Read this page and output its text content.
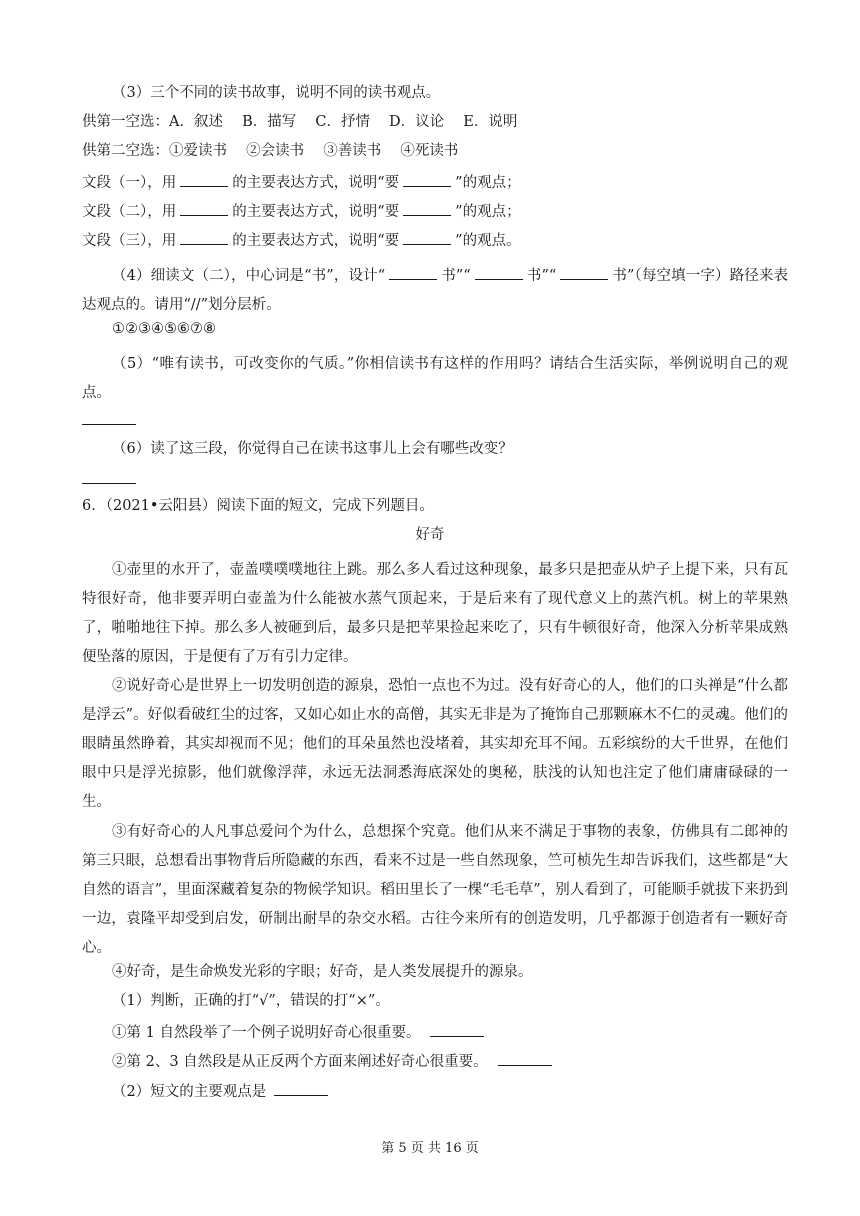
（3）三个不同的读书故事，说明不同的读书观点。
供第一空选：A．叙述　 B．描写　 C．抒情　 D．议论　 E．说明
供第二空选：①爱读书　 ②会读书　 ③善读书　 ④死读书
文段（一），用	的主要表达方式，说明“要	”的观点；
文段（二），用	的主要表达方式，说明“要	”的观点；
文段（三），用	的主要表达方式，说明“要	”的观点。
（4）细读文（二），中心词是“书”，设计“	书”“	书”“	书”（每空填一字）路径来表达观点的。请用“//”划分层析。
①②③④⑤⑥⑦⑧
（5）“唯有读书，可改变你的气质。”你相信读书有这样的作用吗？请结合生活实际，举例说明自己的观点。
（6）读了这三段，你觉得自己在读书这事儿上会有哪些改变？
6．（2021•云阳县）阅读下面的短文，完成下列题目。
好奇
①壶里的水开了，壶盖噗噗噗地往上跳。那么多人看过这种现象，最多只是把壶从炉子上提下来，只有瓦特很好奇，他非要弄明白壶盖为什么能被水蒸气顶起来，于是后来有了现代意义上的蒸汽机。树上的苹果熟了，啪啪地往下掉。那么多人被砸到后，最多只是把苹果捡起来吃了，只有牛顿很好奇，他深入分析苹果成熟便坠落的原因，于是便有了万有引力定律。
②说好奇心是世界上一切发明创造的源泉，恐怕一点也不为过。没有好奇心的人，他们的口头禅是“什么都是浮云”。好似看破红尘的过客，又如心如止水的高僧，其实无非是为了掩饰自己那颗麻木不仁的灵魂。他们的眼睛虽然睁着，其实却视而不见；他们的耳朵虽然也没堵着，其实却充耳不闻。五彩缤纷的大千世界，在他们眼中只是浮光掠影，他们就像浮萍，永远无法洞悉海底深处的奥秘，肤浅的认知也注定了他们庸庸碌碌的一生。
③有好奇心的人凡事总爱问个为什么，总想探个究竟。他们从来不满足于事物的表象，仿佛具有二郎神的第三只眼，总想看出事物背后所隐藏的东西，看来不过是一些自然现象，竺可桢先生却告诉我们，这些都是“大自然的语言”，里面深藏着复杂的物候学知识。稻田里长了一棵“毛毛草”，别人看到了，可能顺手就拔下来扔到一边，袁隆平却受到启发，研制出耐旱的杂交水稻。古往今来所有的创造发明，几乎都源于创造者有一颗好奇心。
④好奇，是生命焕发光彩的字眼；好奇，是人类发展提升的源泉。
（1）判断，正确的打“√”，错误的打“×”。
①第 1 自然段举了一个例子说明好奇心很重要。
②第 2、3 自然段是从正反两个方面来阐述好奇心很重要。
（2）短文的主要观点是
第 5 页 共 16 页
